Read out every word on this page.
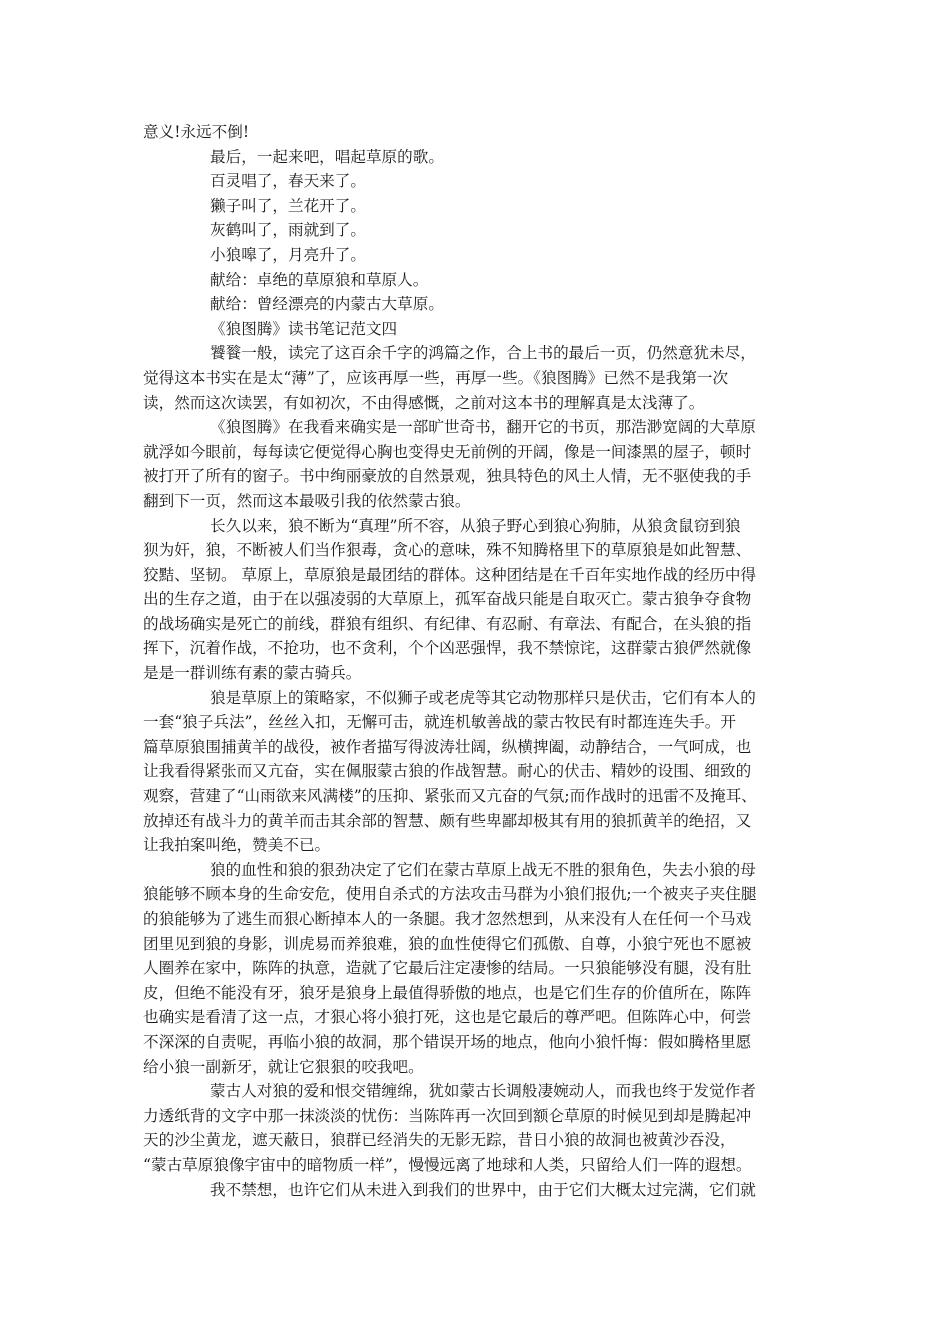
意义!永远不倒!

最后，一起来吧，唱起草原的歌。

百灵唱了，春天来了。

獭子叫了，兰花开了。

灰鹤叫了，雨就到了。

小狼嗥了，月亮升了。

献给：卓绝的草原狼和草原人。

献给：曾经漂亮的内蒙古大草原。

《狼图腾》读书笔记范文四

饕餮一般，读完了这百余千字的鸿篇之作，合上书的最后一页，仍然意犹未尽，

觉得这本书实在是太“薄”了，应该再厚一些，再厚一些。《狼图腾》已然不是我第一次

读，然而这次读罢，有如初次，不由得感慨，之前对这本书的理解真是太浅薄了。

《狼图腾》在我看来确实是一部旷世奇书，翻开它的书页，那浩渺宽阔的大草原

就浮如今眼前，每每读它便觉得心胸也变得史无前例的开阔，像是一间漆黑的屋子，顿时

被打开了所有的窗子。书中绚丽豪放的自然景观，独具特色的风土人情，无不驱使我的手

翻到下一页，然而这本最吸引我的依然蒙古狼。

长久以来，狼不断为“真理”所不容，从狼子野心到狼心狗肺，从狼贪鼠窃到狼

狈为奸，狼，不断被人们当作狠毒，贪心的意味，殊不知腾格里下的草原狼是如此智慧、

狡黠、坚韧。 草原上，草原狼是最团结的群体。这种团结是在千百年实地作战的经历中得

出的生存之道，由于在以强凌弱的大草原上，孤军奋战只能是自取灭亡。蒙古狼争夺食物

的战场确实是死亡的前线，群狼有组织、有纪律、有忍耐、有章法、有配合，在头狼的指

挥下，沉着作战，不抢功，也不贪利，个个凶恶强悍，我不禁惊诧，这群蒙古狼俨然就像

是是一群训练有素的蒙古骑兵。

狼是草原上的策略家，不似狮子或老虎等其它动物那样只是伏击，它们有本人的

一套“狼子兵法”，丝丝入扣，无懈可击，就连机敏善战的蒙古牧民有时都连连失手。开

篇草原狼围捕黄羊的战役，被作者描写得波涛壮阔，纵横捭阖，动静结合，一气呵成，也

让我看得紧张而又亢奋，实在佩服蒙古狼的作战智慧。耐心的伏击、精妙的设围、细致的

观察，营建了“山雨欲来风满楼”的压抑、紧张而又亢奋的气氛;而作战时的迅雷不及掩耳、

放掉还有战斗力的黄羊而击其余部的智慧、颇有些卑鄙却极其有用的狼抓黄羊的绝招，又

让我拍案叫绝，赞美不已。

狼的血性和狼的狠劲决定了它们在蒙古草原上战无不胜的狠角色，失去小狼的母

狼能够不顾本身的生命安危，使用自杀式的方法攻击马群为小狼们报仇;一个被夹子夹住腿

的狼能够为了逃生而狠心断掉本人的一条腿。我才忽然想到，从来没有人在任何一个马戏

团里见到狼的身影，训虎易而养狼难，狼的血性使得它们孤傲、自尊，小狼宁死也不愿被

人圈养在家中，陈阵的执意，造就了它最后注定凄惨的结局。一只狼能够没有腿，没有肚

皮，但绝不能没有牙，狼牙是狼身上最值得骄傲的地点，也是它们生存的价值所在，陈阵

也确实是看清了这一点，才狠心将小狼打死，这也是它最后的尊严吧。但陈阵心中，何尝

不深深的自责呢，再临小狼的故洞，那个错误开场的地点，他向小狼忏悔：假如腾格里愿

给小狼一副新牙，就让它狠狠的咬我吧。

蒙古人对狼的爱和恨交错缠绵，犹如蒙古长调般凄婉动人，而我也终于发觉作者

力透纸背的文字中那一抹淡淡的忧伤：当陈阵再一次回到额仑草原的时候见到却是腾起冲

天的沙尘黄龙，遮天蔽日，狼群已经消失的无影无踪，昔日小狼的故洞也被黄沙吞没，

“蒙古草原狼像宇宙中的暗物质一样”，慢慢远离了地球和人类，只留给人们一阵的遐想。

我不禁想，也许它们从未进入到我们的世界中，由于它们大概太过完满，它们就
